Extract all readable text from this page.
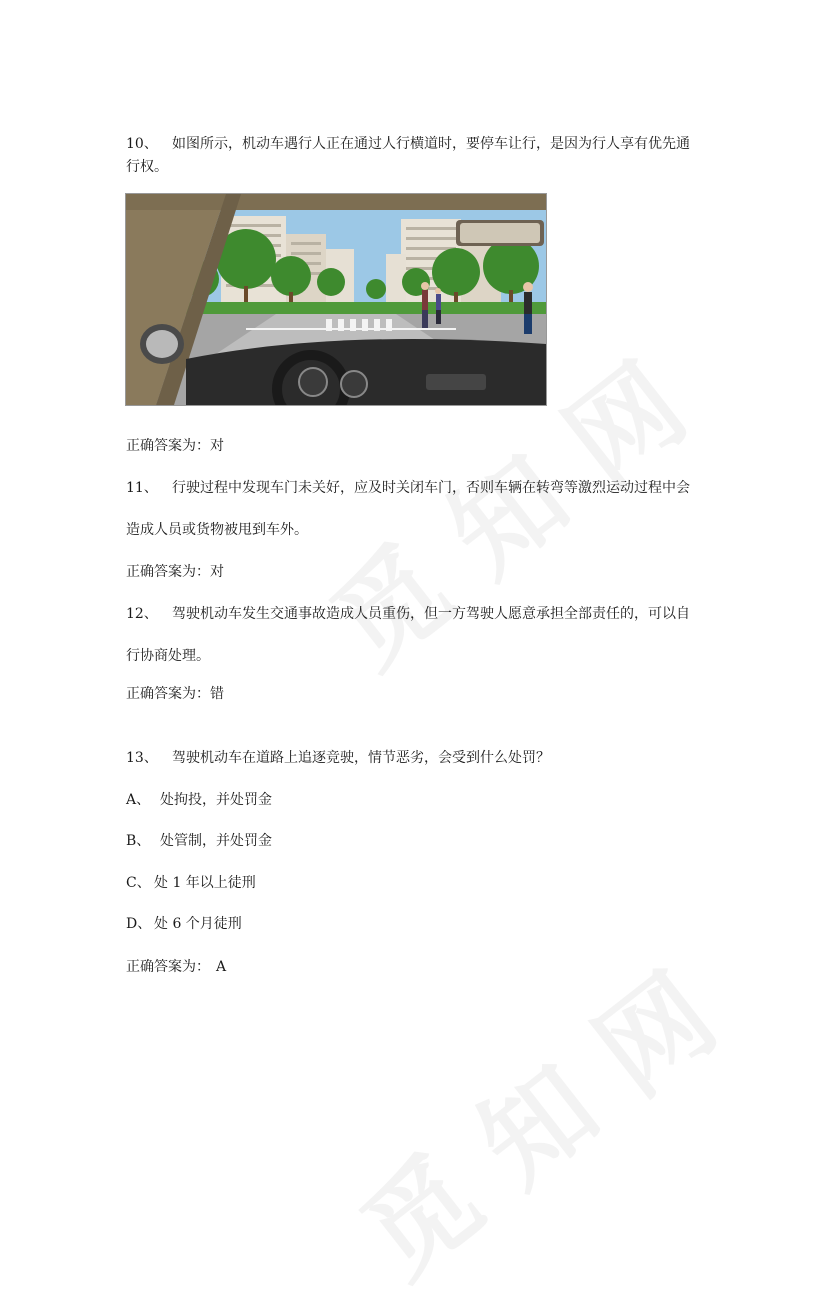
10、 如图所示，机动车遇行人正在通过人行横道时，要停车让行，是因为行人享有优先通
行权。
正确答案为：对
11、 行驶过程中发现车门未关好，应及时关闭车门，否则车辆在转弯等激烈运动过程中会
造成人员或货物被甩到车外。
正确答案为：对
12、 驾驶机动车发生交通事故造成人员重伤，但一方驾驶人愿意承担全部责任的，可以自
行协商处理。
正确答案为：错
13、 驾驶机动车在道路上追逐竞驶，情节恶劣，会受到什么处罚？
A、 处拘投，并处罚金
B、 处管制，并处罚金
C、 处 1 年以上徒刑
D、 处 6 个月徒刑
正确答案为： A
